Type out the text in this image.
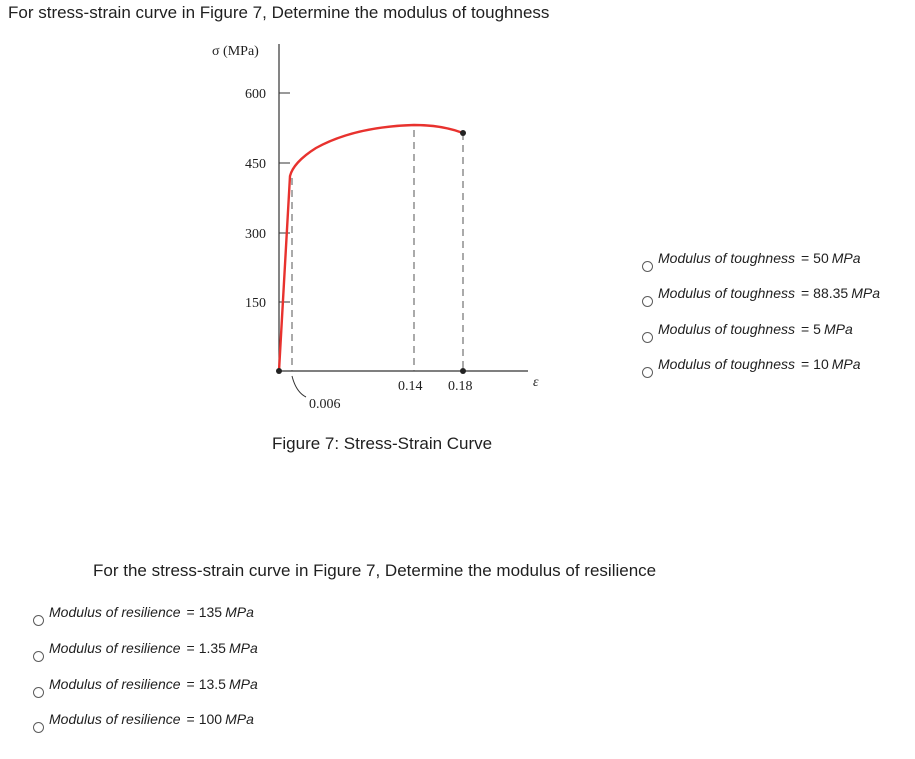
For stress-strain curve in Figure 7, Determine the modulus of toughness
σ (MPa)
ε
600
450
300
150
0.006
0.14 0.18
Figure 7: Stress-Strain Curve
Modulus of toughness = 50 MPa
Modulus of toughness = 88.35 MPa
Modulus of toughness = 5 MPa
Modulus of toughness = 10 MPa
For the stress-strain curve in Figure 7, Determine the modulus of resilience
Modulus of resilience = 135 MPa
Modulus of resilience = 1.35 MPa
Modulus of resilience = 13.5 MPa
Modulus of resilience = 100 MPa
